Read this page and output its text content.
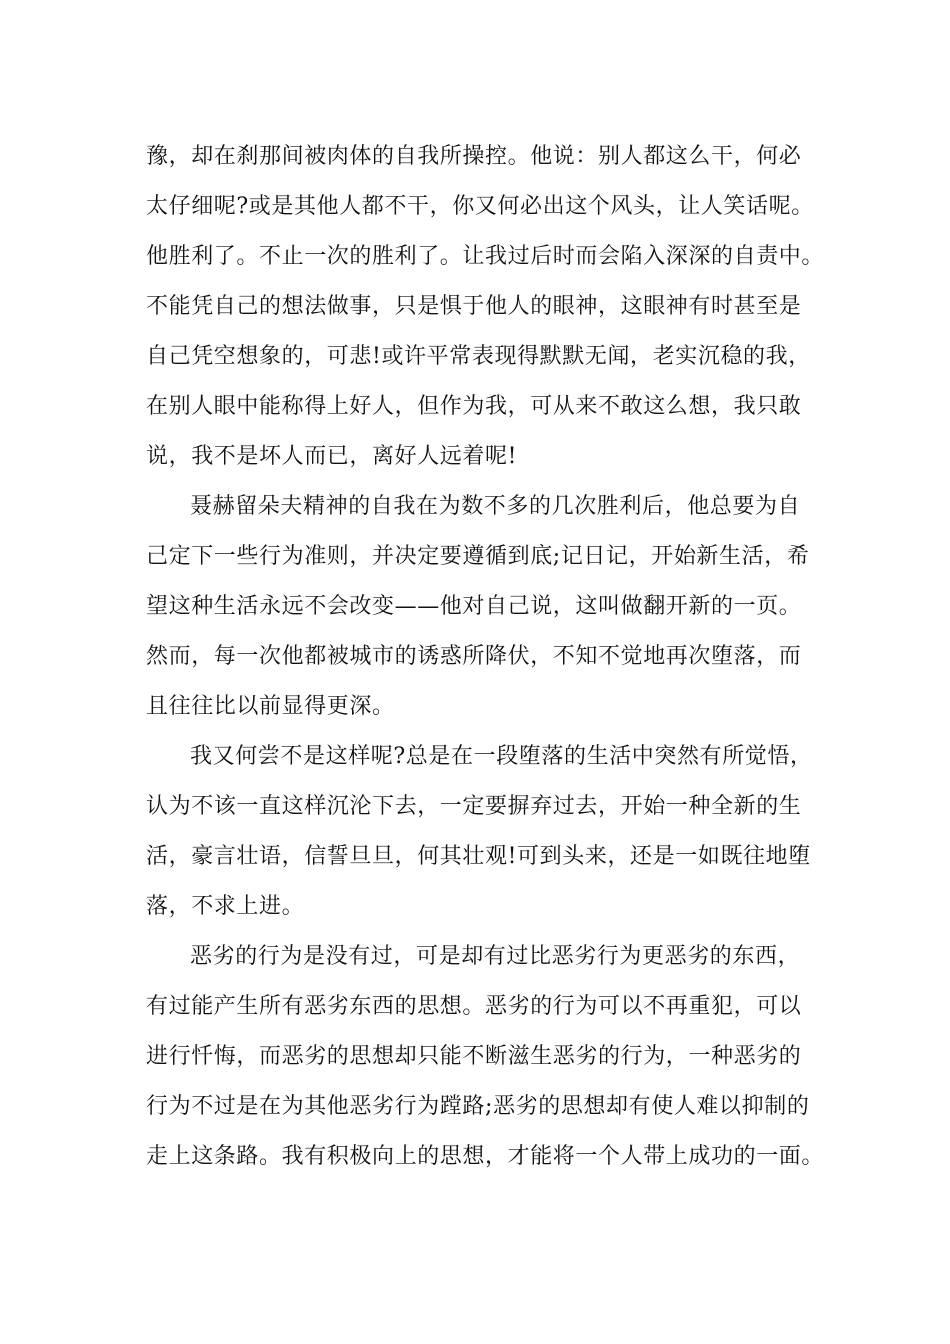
豫，却在刹那间被肉体的自我所操控。他说：别人都这么干，何必
太仔细呢?或是其他人都不干，你又何必出这个风头，让人笑话呢。
他胜利了。不止一次的胜利了。让我过后时而会陷入深深的自责中。
不能凭自己的想法做事，只是惧于他人的眼神，这眼神有时甚至是
自己凭空想象的，可悲!或许平常表现得默默无闻，老实沉稳的我，
在别人眼中能称得上好人，但作为我，可从来不敢这么想，我只敢
说，我不是坏人而已，离好人远着呢!
聂赫留朵夫精神的自我在为数不多的几次胜利后，他总要为自
己定下一些行为准则，并决定要遵循到底;记日记，开始新生活，希
望这种生活永远不会改变——他对自己说，这叫做翻开新的一页。
然而，每一次他都被城市的诱惑所降伏，不知不觉地再次堕落，而
且往往比以前显得更深。
我又何尝不是这样呢?总是在一段堕落的生活中突然有所觉悟，
认为不该一直这样沉沦下去，一定要摒弃过去，开始一种全新的生
活，豪言壮语，信誓旦旦，何其壮观!可到头来，还是一如既往地堕
落，不求上进。
恶劣的行为是没有过，可是却有过比恶劣行为更恶劣的东西，
有过能产生所有恶劣东西的思想。恶劣的行为可以不再重犯，可以
进行忏悔，而恶劣的思想却只能不断滋生恶劣的行为，一种恶劣的
行为不过是在为其他恶劣行为蹚路;恶劣的思想却有使人难以抑制的
走上这条路。我有积极向上的思想，才能将一个人带上成功的一面。
